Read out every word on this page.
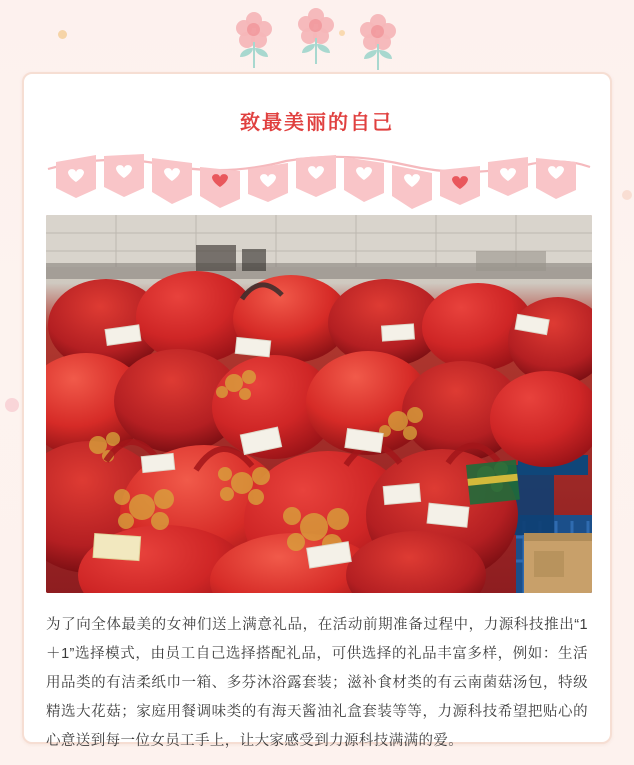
致最美丽的自己

为了向全体最美的女神们送上满意礼品，在活动前期准备过程中，力源科技推出“1＋1”选择模式，由员工自己选择搭配礼品，可供选择的礼品丰富多样，例如：生活用品类的有洁柔纸巾一箱、多芬沐浴露套装；滋补食材类的有云南菌菇汤包，特级精选大花菇；家庭用餐调味类的有海天酱油礼盒套装等等，力源科技希望把贴心的心意送到每一位女员工手上，让大家感受到力源科技满满的爱。
